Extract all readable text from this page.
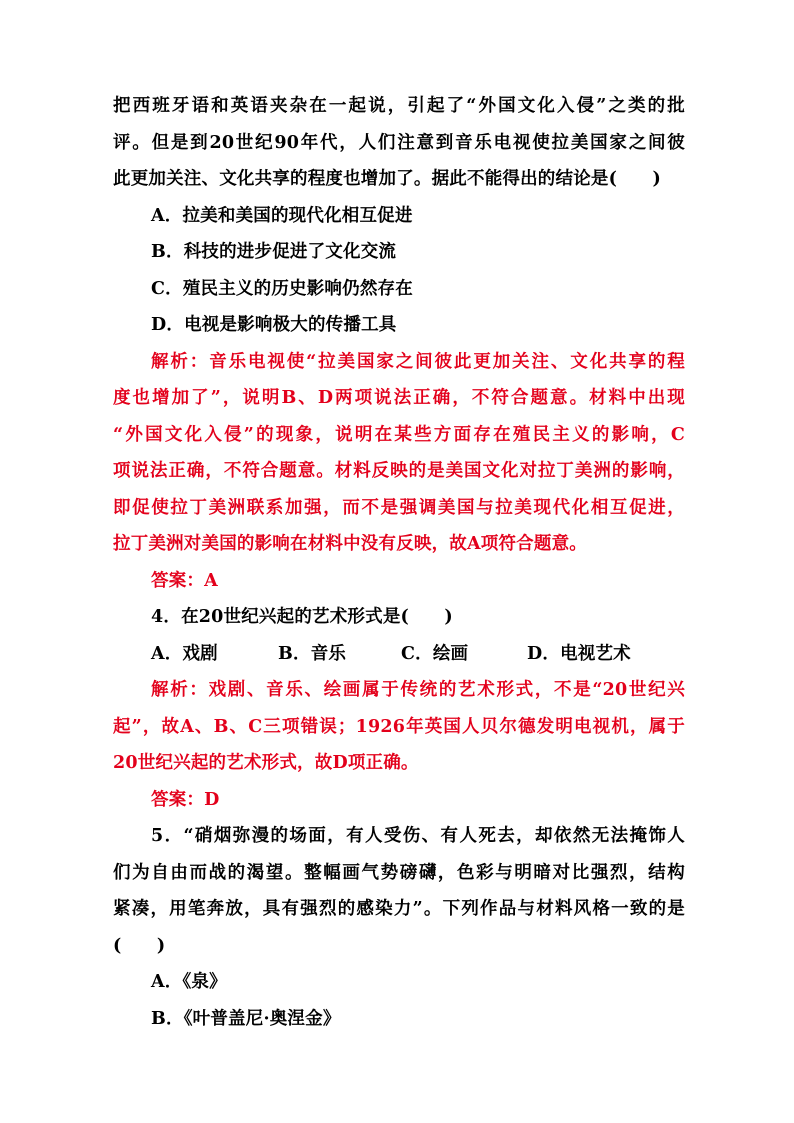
把西班牙语和英语夹杂在一起说，引起了“外国文化入侵”之类的批
评。但是到20世纪90年代，人们注意到音乐电视使拉美国家之间彼
此更加关注、文化共享的程度也增加了。据此不能得出的结论是(　　)
A．拉美和美国的现代化相互促进
B．科技的进步促进了文化交流
C．殖民主义的历史影响仍然存在
D．电视是影响极大的传播工具
解析：音乐电视使“拉美国家之间彼此更加关注、文化共享的程
度也增加了”，说明B、D两项说法正确，不符合题意。材料中出现
“外国文化入侵”的现象，说明在某些方面存在殖民主义的影响，C
项说法正确，不符合题意。材料反映的是美国文化对拉丁美洲的影响，
即促使拉丁美洲联系加强，而不是强调美国与拉美现代化相互促进，
拉丁美洲对美国的影响在材料中没有反映，故A项符合题意。
答案：A
4．在20世纪兴起的艺术形式是(　　)
A．戏剧	B．音乐	C．绘画	D．电视艺术
解析：戏剧、音乐、绘画属于传统的艺术形式，不是“20世纪兴
起”，故A、B、C三项错误；1926年英国人贝尔德发明电视机，属于
20世纪兴起的艺术形式，故D项正确。
答案：D
5．“硝烟弥漫的场面，有人受伤、有人死去，却依然无法掩饰人
们为自由而战的渴望。整幅画气势磅礴，色彩与明暗对比强烈，结构
紧凑，用笔奔放，具有强烈的感染力”。下列作品与材料风格一致的是
(　　)
A．《泉》
B．《叶普盖尼·奥涅金》
